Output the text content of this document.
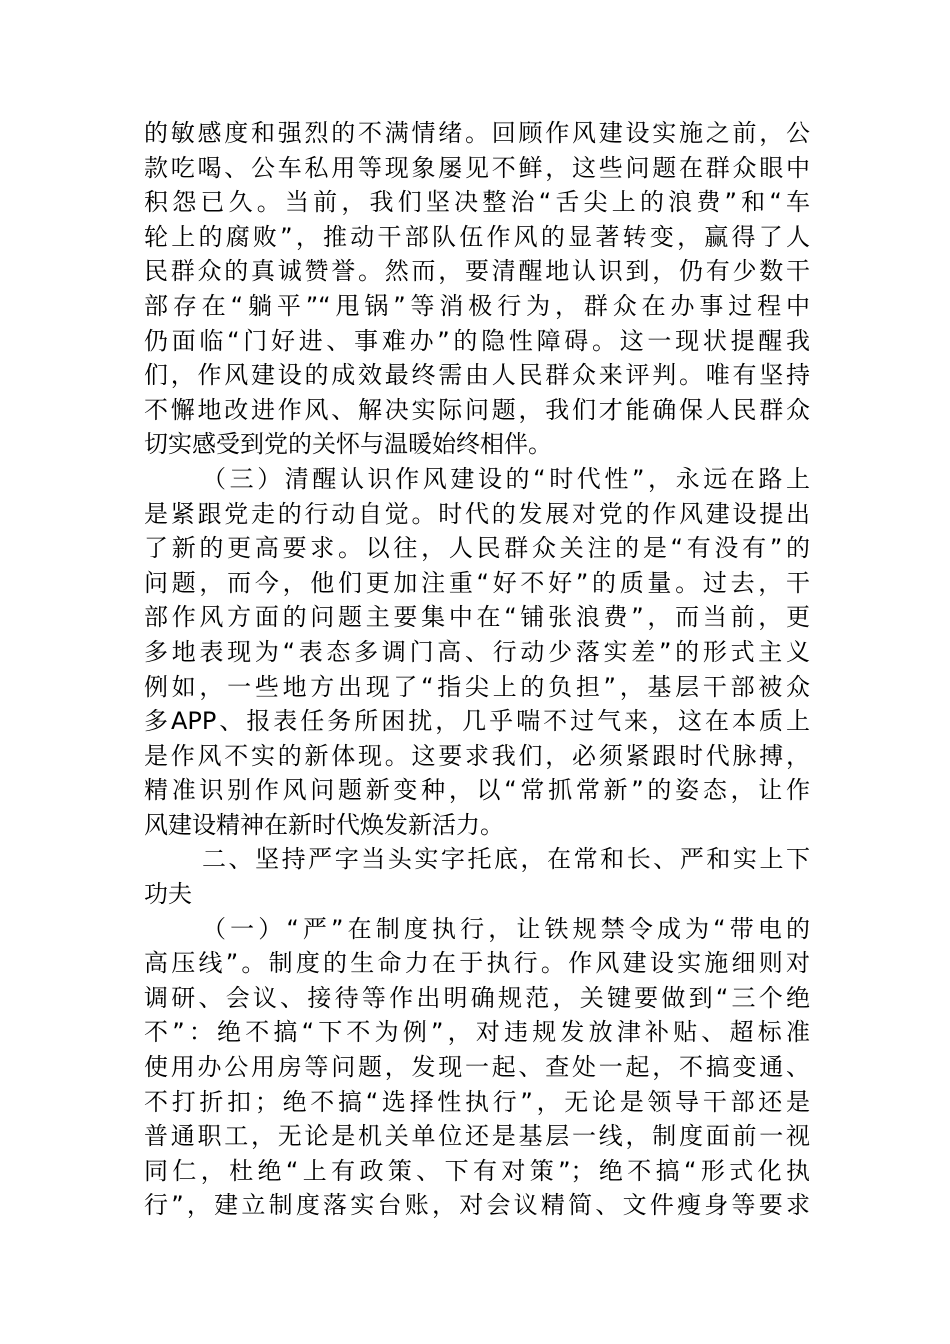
的敏感度和强烈的不满情绪。回顾作风建设实施之前，公
款吃喝、公车私用等现象屡见不鲜，这些问题在群众眼中
积怨已久。当前，我们坚决整治“舌尖上的浪费”和“车
轮上的腐败”，推动干部队伍作风的显著转变，赢得了人
民群众的真诚赞誉。然而，要清醒地认识到，仍有少数干
部存在“躺平”“甩锅”等消极行为，群众在办事过程中
仍面临“门好进、事难办”的隐性障碍。这一现状提醒我
们，作风建设的成效最终需由人民群众来评判。唯有坚持
不懈地改进作风、解决实际问题，我们才能确保人民群众
切实感受到党的关怀与温暖始终相伴。
（三）清醒认识作风建设的“时代性”，永远在路上
是紧跟党走的行动自觉。时代的发展对党的作风建设提出
了新的更高要求。以往，人民群众关注的是“有没有”的
问题，而今，他们更加注重“好不好”的质量。过去，干
部作风方面的问题主要集中在“铺张浪费”，而当前，更
多地表现为“表态多调门高、行动少落实差”的形式主义
例如，一些地方出现了“指尖上的负担”，基层干部被众
多APP、报表任务所困扰，几乎喘不过气来，这在本质上
是作风不实的新体现。这要求我们，必须紧跟时代脉搏，
精准识别作风问题新变种，以“常抓常新”的姿态，让作
风建设精神在新时代焕发新活力。
二、坚持严字当头实字托底，在常和长、严和实上下
功夫
（一）“严”在制度执行，让铁规禁令成为“带电的
高压线”。制度的生命力在于执行。作风建设实施细则对
调研、会议、接待等作出明确规范，关键要做到“三个绝
不”：绝不搞“下不为例”，对违规发放津补贴、超标准
使用办公用房等问题，发现一起、查处一起，不搞变通、
不打折扣；绝不搞“选择性执行”，无论是领导干部还是
普通职工，无论是机关单位还是基层一线，制度面前一视
同仁，杜绝“上有政策、下有对策”；绝不搞“形式化执
行”，建立制度落实台账，对会议精简、文件瘦身等要求
